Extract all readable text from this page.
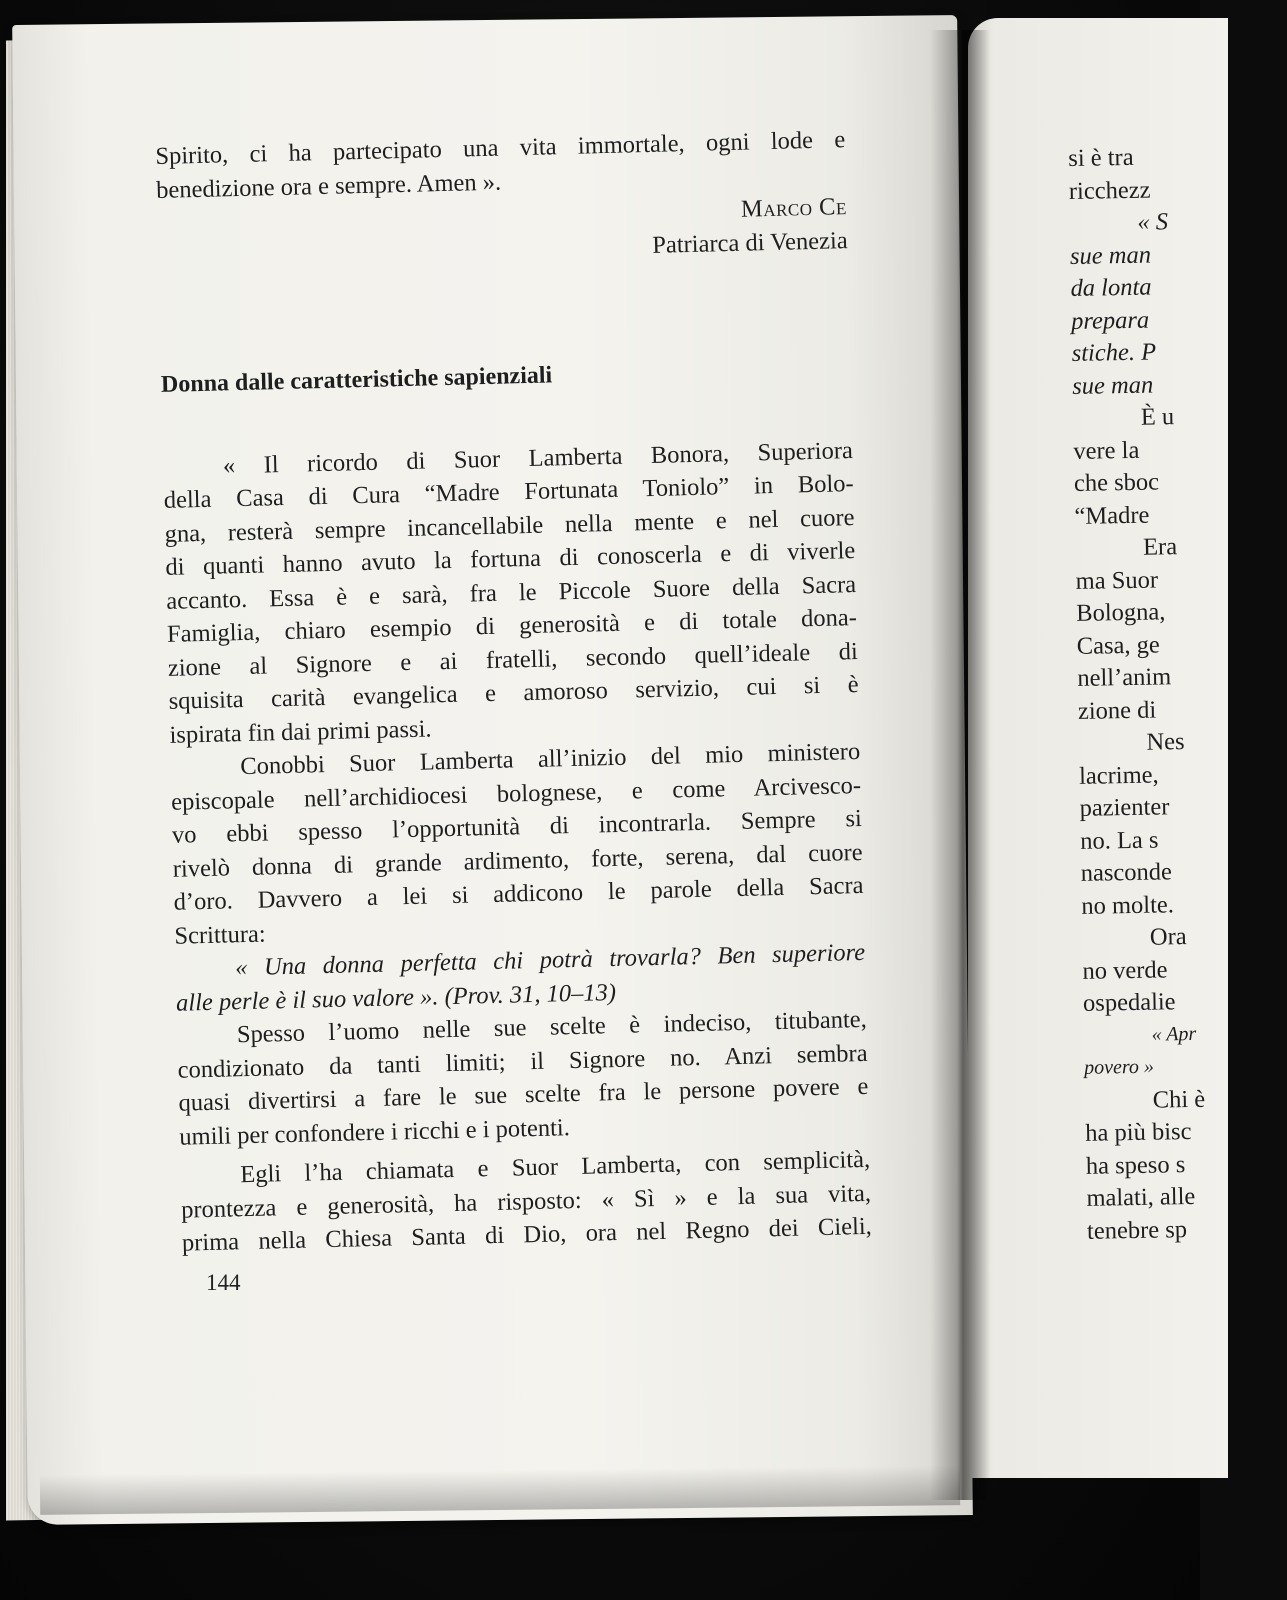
Spirito, ci ha partecipato una vita immortale, ogni lode e
benedizione ora e sempre. Amen ».
Marco Ce
Patriarca di Venezia
Donna dalle caratteristiche sapienziali
« Il ricordo di Suor Lamberta Bonora, Superiora
della Casa di Cura “Madre Fortunata Toniolo” in Bolo-
gna, resterà sempre incancellabile nella mente e nel cuore
di quanti hanno avuto la fortuna di conoscerla e di viverle
accanto. Essa è e sarà, fra le Piccole Suore della Sacra
Famiglia, chiaro esempio di generosità e di totale dona-
zione al Signore e ai fratelli, secondo quell’ideale di
squisita carità evangelica e amoroso servizio, cui si è
ispirata fin dai primi passi.
Conobbi Suor Lamberta all’inizio del mio ministero
episcopale nell’archidiocesi bolognese, e come Arcivesco-
vo ebbi spesso l’opportunità di incontrarla. Sempre si
rivelò donna di grande ardimento, forte, serena, dal cuore
d’oro. Davvero a lei si addicono le parole della Sacra
Scrittura:
« Una donna perfetta chi potrà trovarla? Ben superiore
alle perle è il suo valore ». (Prov. 31, 10–13)
Spesso l’uomo nelle sue scelte è indeciso, titubante,
condizionato da tanti limiti; il Signore no. Anzi sembra
quasi divertirsi a fare le sue scelte fra le persone povere e
umili per confondere i ricchi e i potenti.
Egli l’ha chiamata e Suor Lamberta, con semplicità,
prontezza e generosità, ha risposto: « Sì » e la sua vita,
prima nella Chiesa Santa di Dio, ora nel Regno dei Cieli,
144
si è tra
ricchezz
« S
sue man
da lonta
prepara
stiche. P
sue man
È u
vere la
che sboc
“Madre
Era
ma Suor
Bologna,
Casa, ge
nell’anim
zione di
Nes
lacrime,
pazienter
no. La s
nasconde
no molte.
Ora
no verde
ospedalie
« Apr
povero »
Chi è
ha più bisc
ha speso s
malati, alle
tenebre sp
